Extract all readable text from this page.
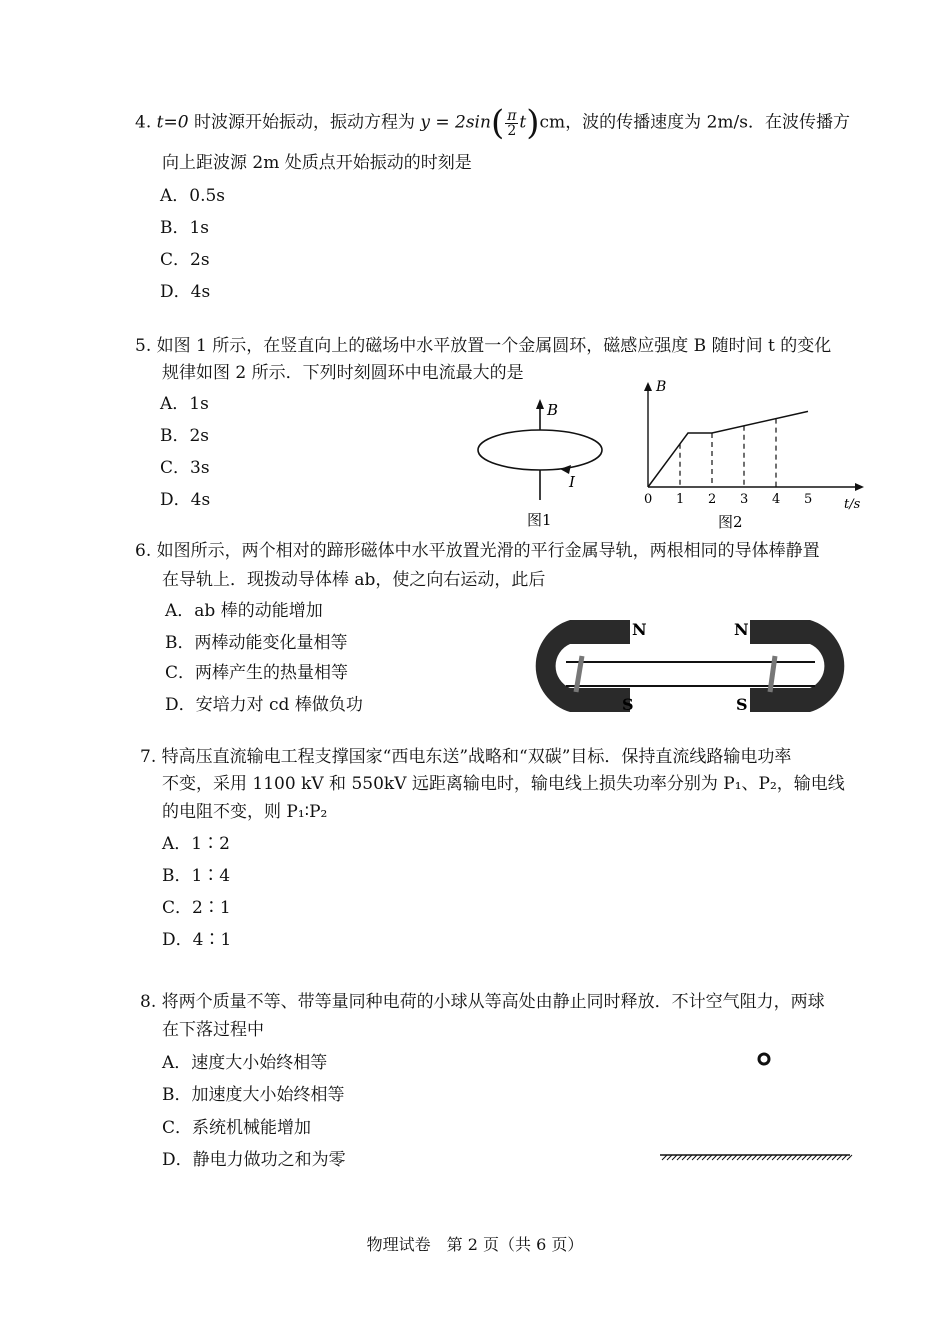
4. t=0 时波源开始振动，振动方程为 $y = 2\sin( \frac{\pi}{2} t)cm$，波的传播速度为 2m/s．在波传播方
向上距波源 2m 处质点开始振动的时刻是
A．0.5s
B．1s
C．2s
D．4s
5. 如图 1 所示，在竖直向上的磁场中水平放置一个金属圆环，磁感应强度 B 随时间 t 的变化
规律如图 2 所示．下列时刻圆环中电流最大的是
A．1s
B．2s
C．3s
D．4s
B
I
图1
B
t/s
0 1 2 3 4 5
图2
6. 如图所示，两个相对的蹄形磁体中水平放置光滑的平行金属导轨，两根相同的导体棒静置
在导轨上．现拨动导体棒 ab，使之向右运动，此后
A．ab 棒的动能增加
B．两棒动能变化量相等
C．两棒产生的热量相等
D．安培力对 cd 棒做负功
N
S
N
S
7. 特高压直流输电工程支撑国家“西电东送”战略和“双碳”目标．保持直流线路输电功率
不变，采用 1100 kV 和 550kV 远距离输电时，输电线上损失功率分别为 P₁、P₂，输电线
的电阻不变，则 P₁∶P₂
A．1∶2
B．1∶4
C．2∶1
D．4∶1
8. 将两个质量不等、带等量同种电荷的小球从等高处由静止同时释放．不计空气阻力，两球
在下落过程中
A．速度大小始终相等
B．加速度大小始终相等
C．系统机械能增加
D．静电力做功之和为零
物理试卷　第 2 页（共 6 页）
